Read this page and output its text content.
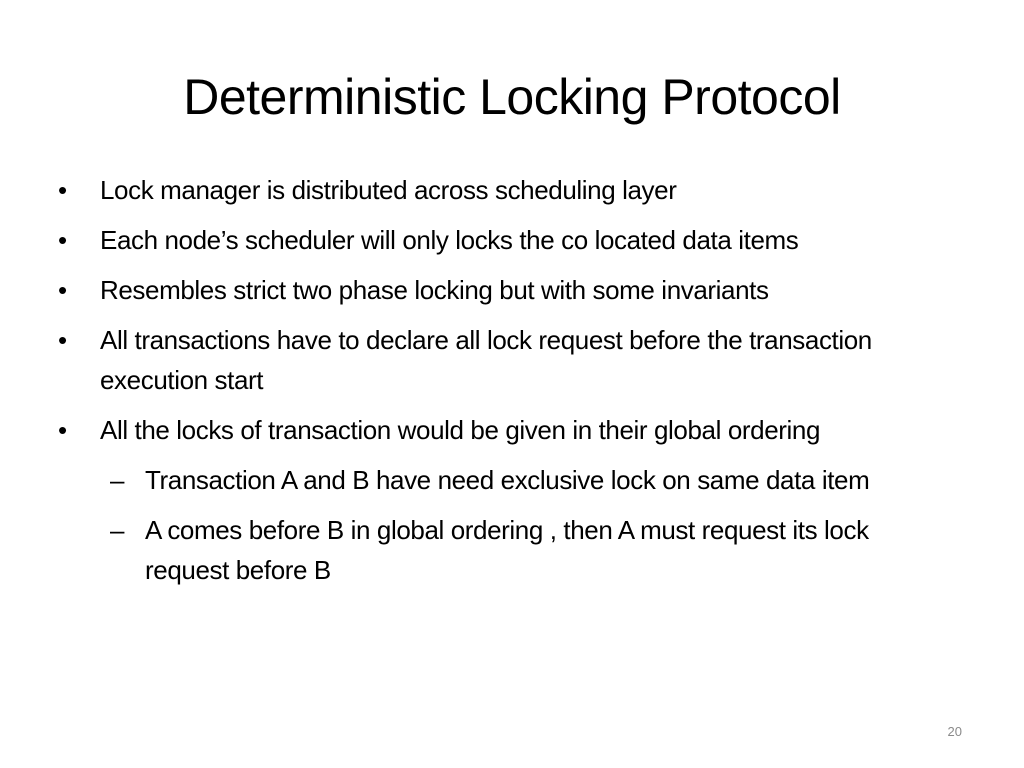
Deterministic Locking Protocol
•	Lock manager is distributed across scheduling layer
•	Each node’s scheduler will only locks the co located data items
•	Resembles strict two phase locking but with some invariants
•	All transactions have to declare all lock request before the transaction execution start
•	All the locks of transaction would be given in their global ordering
– Transaction A and B have need exclusive lock on same data item
– A comes before B in global ordering , then A must request its lock request before B
20
